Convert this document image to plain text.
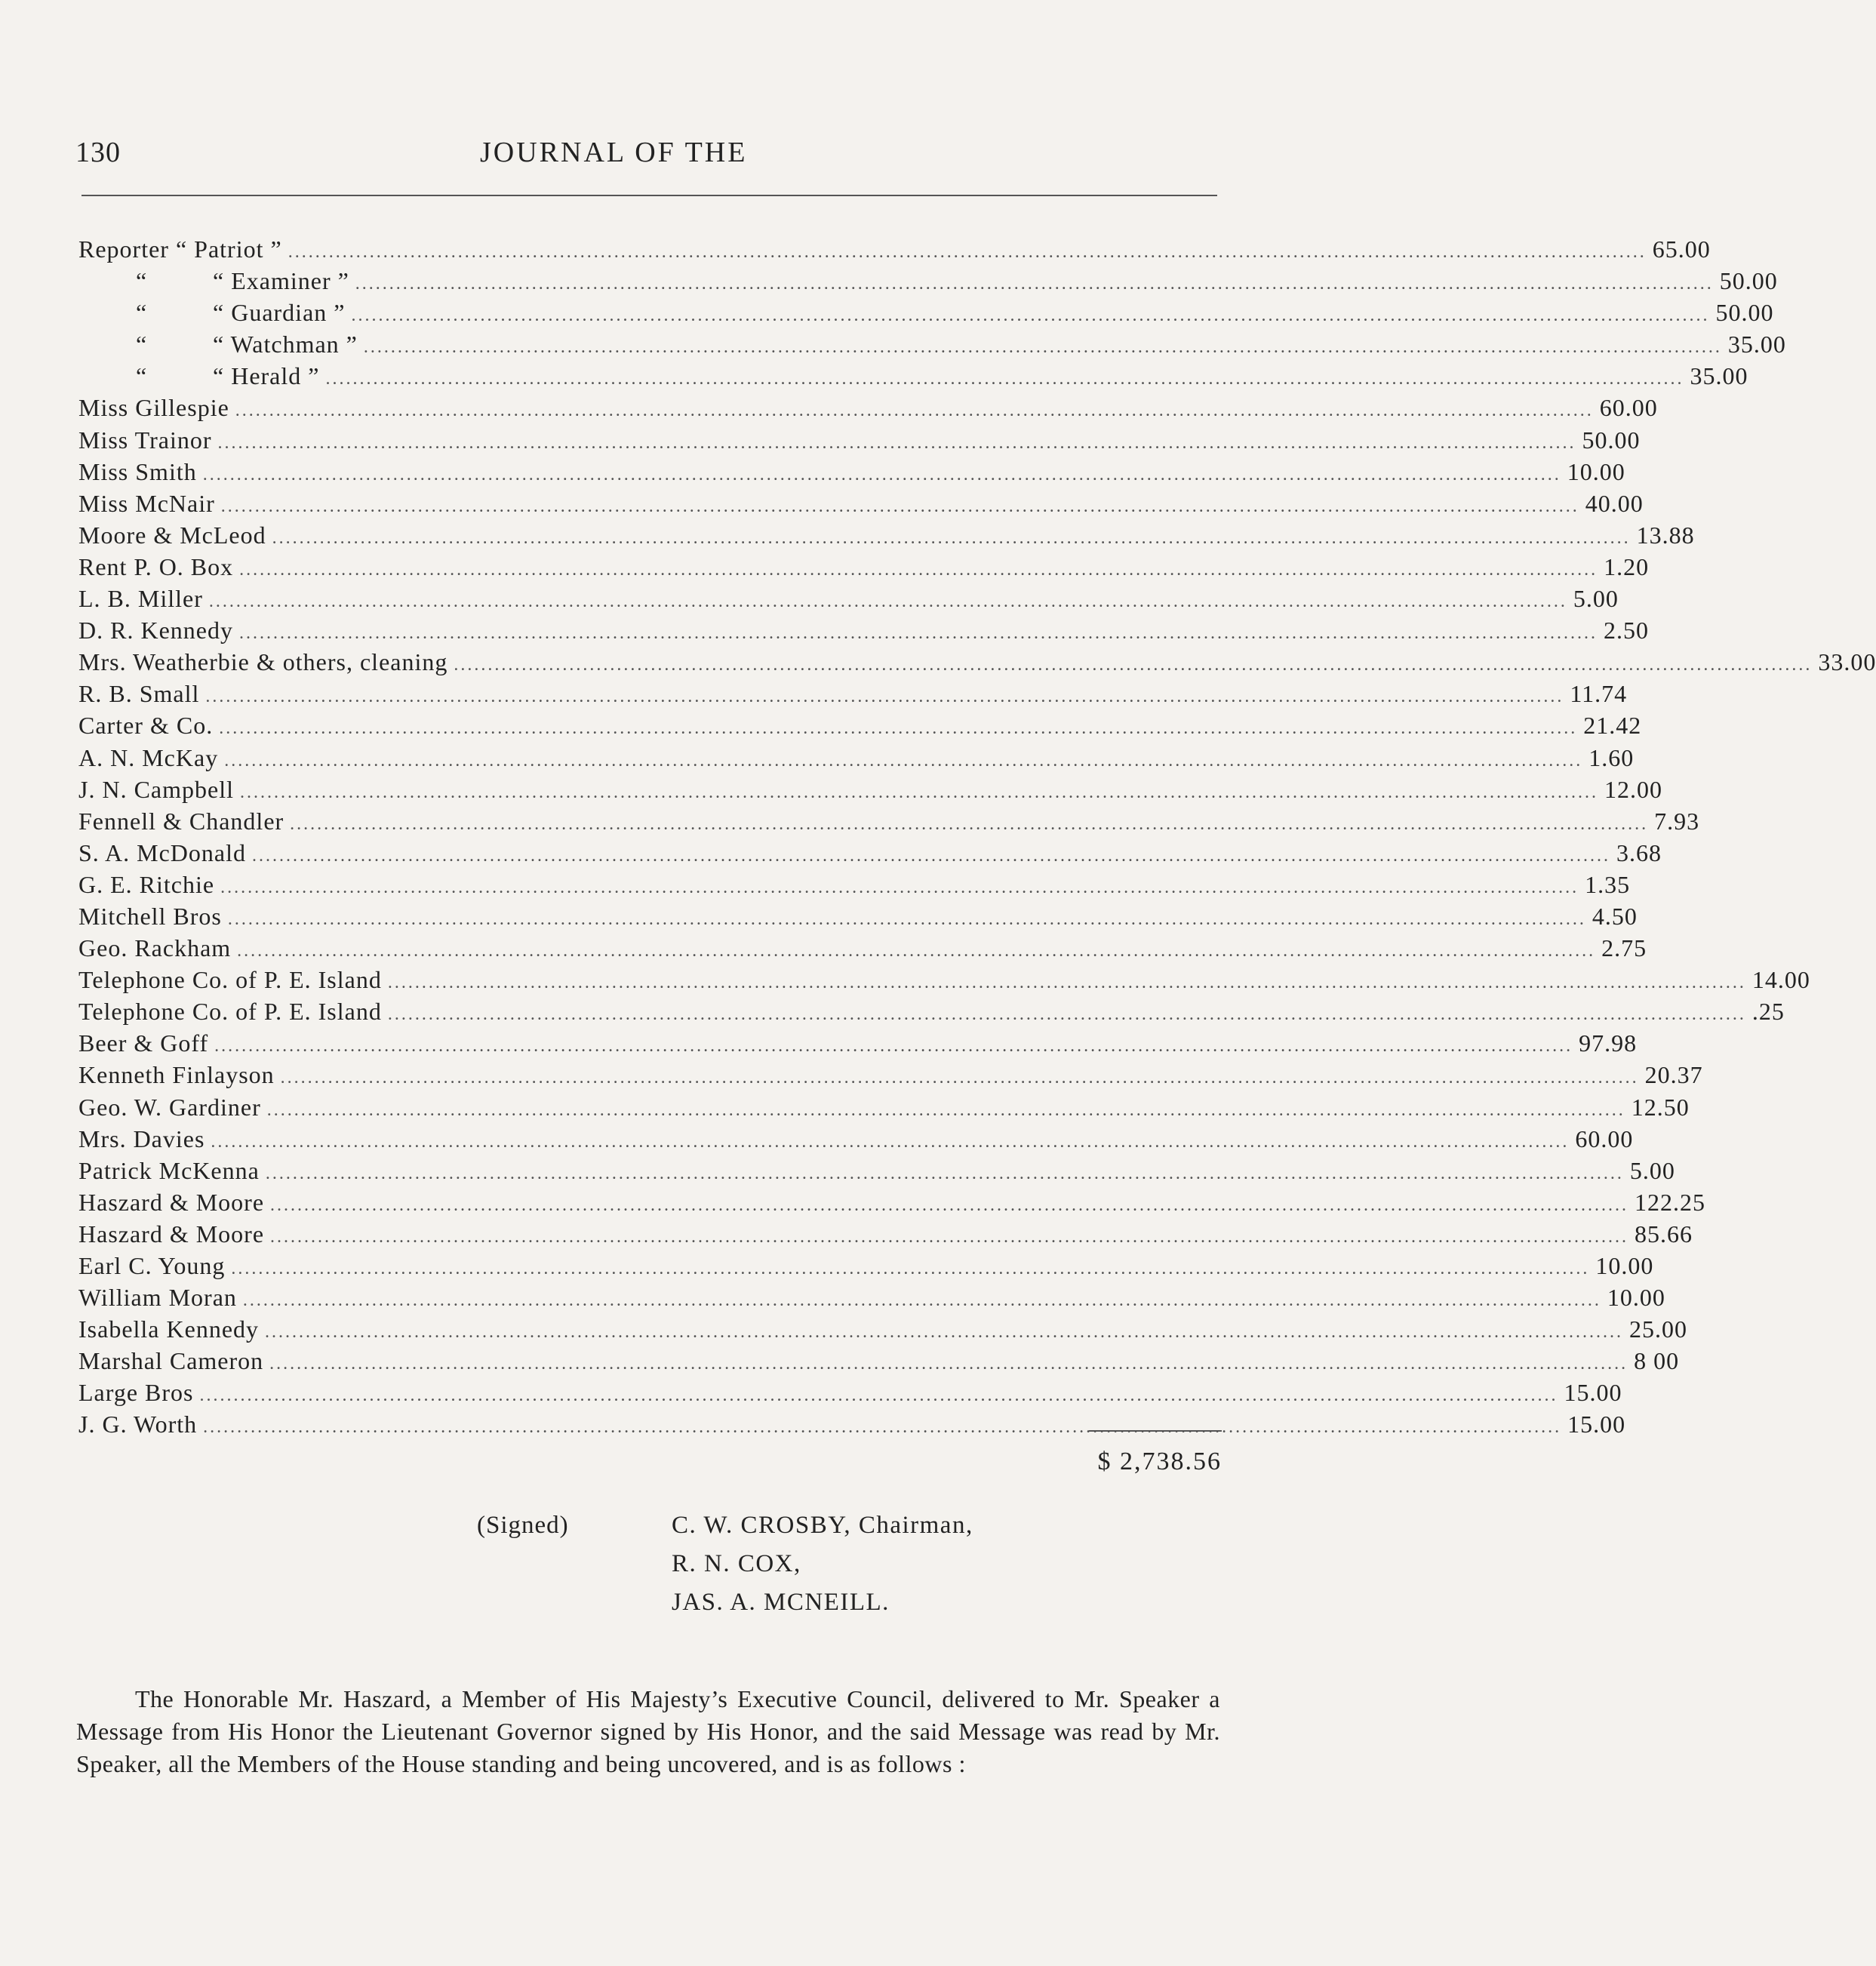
130	JOURNAL OF THE
Reporter “ Patriot ” ........................................................................................................................................................................................................ 65.00
“	“ Examiner ” ........................................................................................................................................................................................................ 50.00
“	“ Guardian ” ........................................................................................................................................................................................................ 50.00
“	“ Watchman ” ........................................................................................................................................................................................................ 35.00
“	“ Herald ” ........................................................................................................................................................................................................ 35.00
Miss Gillespie ........................................................................................................................................................................................................ 60.00
Miss Trainor ........................................................................................................................................................................................................ 50.00
Miss Smith ........................................................................................................................................................................................................ 10.00
Miss McNair ........................................................................................................................................................................................................ 40.00
Moore & McLeod ........................................................................................................................................................................................................ 13.88
Rent P. O. Box ........................................................................................................................................................................................................ 1.20
L. B. Miller ........................................................................................................................................................................................................ 5.00
D. R. Kennedy ........................................................................................................................................................................................................ 2.50
Mrs. Weatherbie & others, cleaning ........................................................................................................................................................................................................ 33.00
R. B. Small ........................................................................................................................................................................................................ 11.74
Carter & Co. ........................................................................................................................................................................................................ 21.42
A. N. McKay ........................................................................................................................................................................................................ 1.60
J. N. Campbell ........................................................................................................................................................................................................ 12.00
Fennell & Chandler ........................................................................................................................................................................................................ 7.93
S. A. McDonald ........................................................................................................................................................................................................ 3.68
G. E. Ritchie ........................................................................................................................................................................................................ 1.35
Mitchell Bros ........................................................................................................................................................................................................ 4.50
Geo. Rackham ........................................................................................................................................................................................................ 2.75
Telephone Co. of P. E. Island ........................................................................................................................................................................................................ 14.00
Telephone Co. of P. E. Island ........................................................................................................................................................................................................ .25
Beer & Goff ........................................................................................................................................................................................................ 97.98
Kenneth Finlayson ........................................................................................................................................................................................................ 20.37
Geo. W. Gardiner ........................................................................................................................................................................................................ 12.50
Mrs. Davies ........................................................................................................................................................................................................ 60.00
Patrick McKenna ........................................................................................................................................................................................................ 5.00
Haszard & Moore ........................................................................................................................................................................................................ 122.25
Haszard & Moore ........................................................................................................................................................................................................ 85.66
Earl C. Young ........................................................................................................................................................................................................ 10.00
William Moran ........................................................................................................................................................................................................ 10.00
Isabella Kennedy ........................................................................................................................................................................................................ 25.00
Marshal Cameron ........................................................................................................................................................................................................ 8 00
Large Bros ........................................................................................................................................................................................................ 15.00
J. G. Worth ........................................................................................................................................................................................................ 15.00
$ 2,738.56
(Signed)	C. W. CROSBY, Chairman,
R. N. COX,
JAS. A. MCNEILL.

The Honorable Mr. Haszard, a Member of His Majesty’s Executive Council, delivered to Mr. Speaker a Message from His Honor the Lieutenant Governor signed by His Honor, and the said Message was read by Mr. Speaker, all the Members of the House standing and being uncovered, and is as follows :
